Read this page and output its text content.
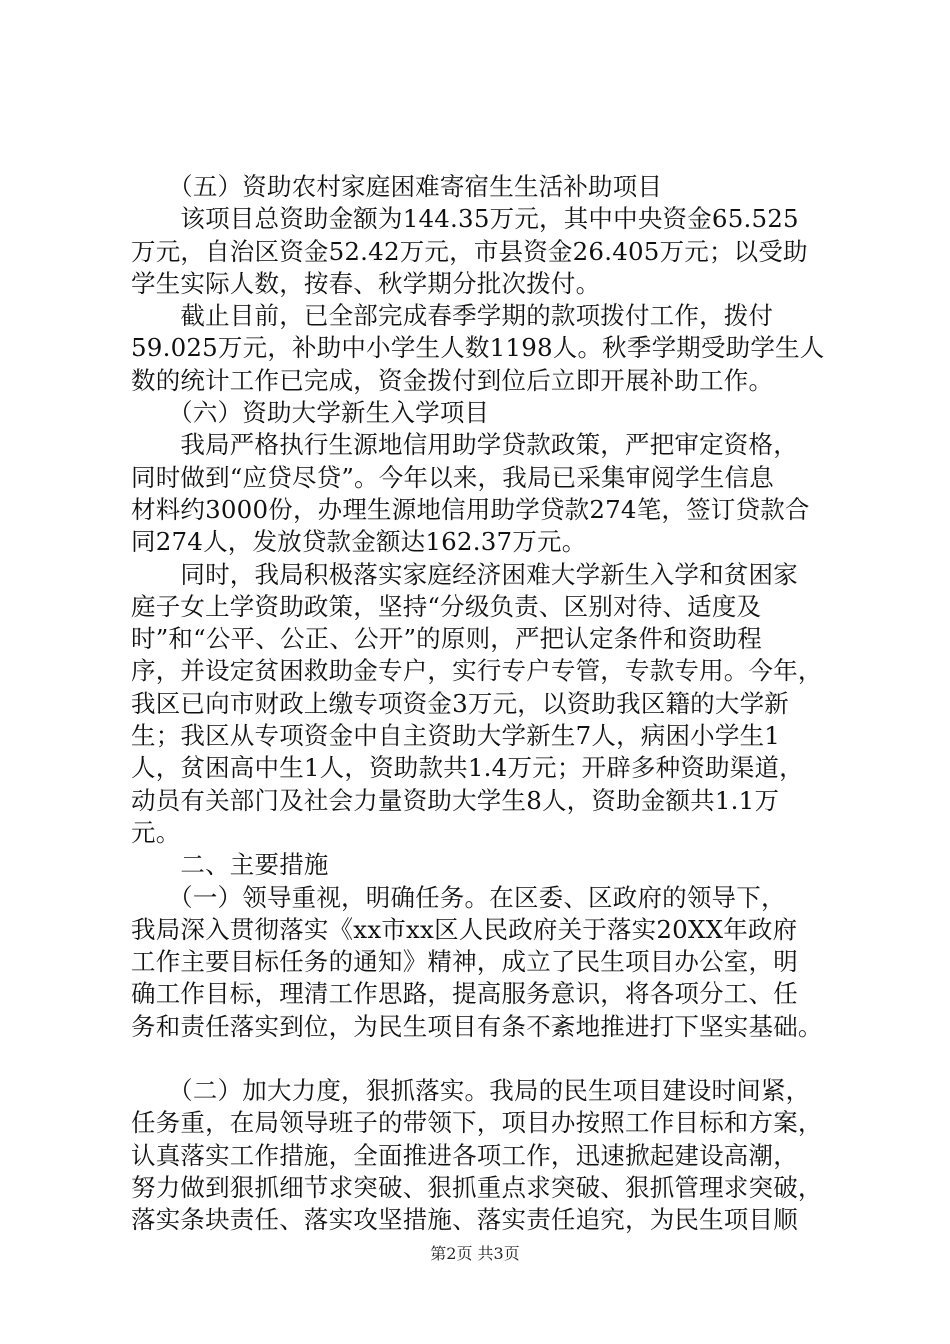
　　（五）资助农村家庭困难寄宿生生活补助项目
　　该项目总资助金额为144.35万元，其中中央资金65.525
万元，自治区资金52.42万元，市县资金26.405万元；以受助
学生实际人数，按春、秋学期分批次拨付。
　　截止目前，已全部完成春季学期的款项拨付工作，拨付
59.025万元，补助中小学生人数1198人。秋季学期受助学生人
数的统计工作已完成，资金拨付到位后立即开展补助工作。
　　（六）资助大学新生入学项目
　　我局严格执行生源地信用助学贷款政策，严把审定资格，
同时做到“应贷尽贷”。今年以来，我局已采集审阅学生信息
材料约3000份，办理生源地信用助学贷款274笔，签订贷款合
同274人，发放贷款金额达162.37万元。
　　同时，我局积极落实家庭经济困难大学新生入学和贫困家
庭子女上学资助政策，坚持“分级负责、区别对待、适度及
时”和“公平、公正、公开”的原则，严把认定条件和资助程
序，并设定贫困救助金专户，实行专户专管，专款专用。今年，
我区已向市财政上缴专项资金3万元，以资助我区籍的大学新
生；我区从专项资金中自主资助大学新生7人，病困小学生1
人，贫困高中生1人，资助款共1.4万元；开辟多种资助渠道，
动员有关部门及社会力量资助大学生8人，资助金额共1.1万
元。
　　二、主要措施
　　（一）领导重视，明确任务。在区委、区政府的领导下，
我局深入贯彻落实《xx市xx区人民政府关于落实20XX年政府
工作主要目标任务的通知》精神，成立了民生项目办公室，明
确工作目标，理清工作思路，提高服务意识，将各项分工、任
务和责任落实到位，为民生项目有条不紊地推进打下坚实基础。
　　（二）加大力度，狠抓落实。我局的民生项目建设时间紧，
任务重，在局领导班子的带领下，项目办按照工作目标和方案，
认真落实工作措施，全面推进各项工作，迅速掀起建设高潮，
努力做到狠抓细节求突破、狠抓重点求突破、狠抓管理求突破，
落实条块责任、落实攻坚措施、落实责任追究，为民生项目顺
第2页 共3页
